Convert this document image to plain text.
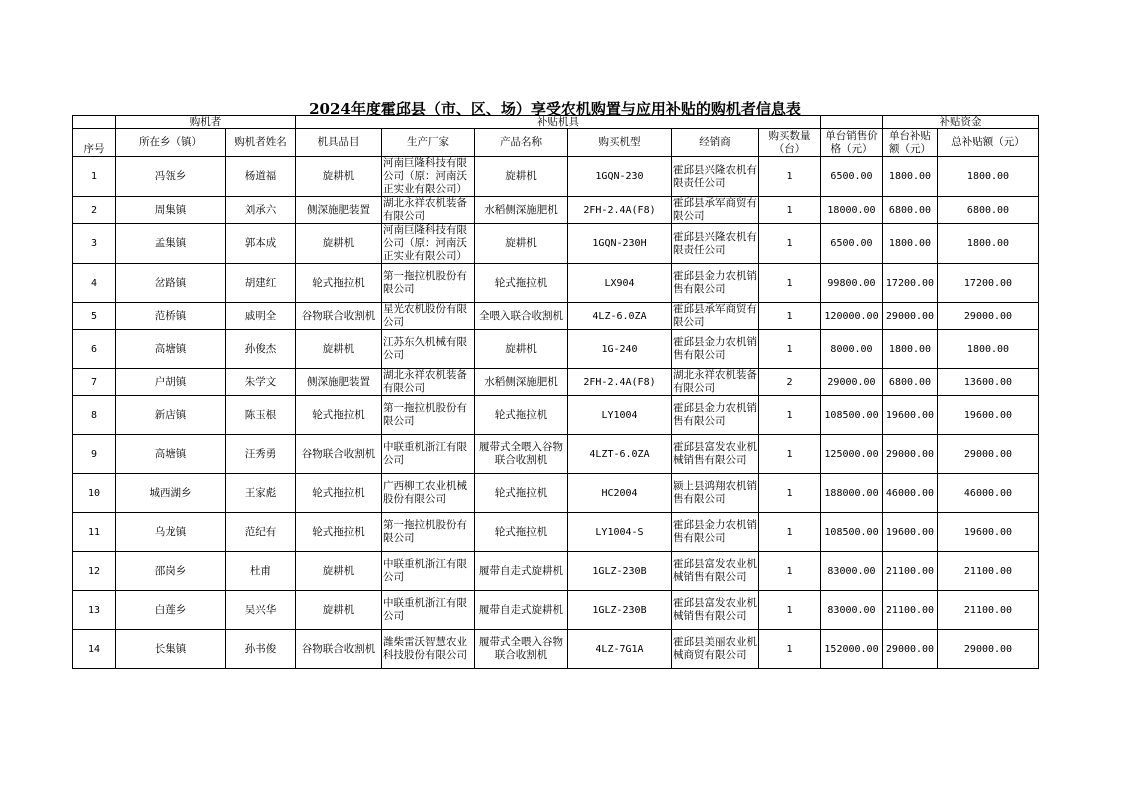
2024年度霍邱县（市、区、场）享受农机购置与应用补贴的购机者信息表
	购机者		补贴机具							补贴资金	
序号	所在乡（镇）	购机者姓名	机具品目	生产厂家	产品名称	购买机型	经销商	购买数量（台）	单台销售价格（元）	单台补贴额（元）	总补贴额（元）
1	冯瓴乡	杨道福	旋耕机	河南巨隆科技有限公司（原：河南沃正实业有限公司）	旋耕机	1GQN-230	霍邱县兴隆农机有限责任公司	1	6500.00	1800.00	1800.00
2	周集镇	刘承六	侧深施肥装置	湖北永祥农机装备有限公司	水稻侧深施肥机	2FH-2.4A(F8)	霍邱县承军商贸有限公司	1	18000.00	6800.00	6800.00
3	孟集镇	郭本成	旋耕机	河南巨隆科技有限公司（原：河南沃正实业有限公司）	旋耕机	1GQN-230H	霍邱县兴隆农机有限责任公司	1	6500.00	1800.00	1800.00
4	岔路镇	胡建红	轮式拖拉机	第一拖拉机股份有限公司	轮式拖拉机	LX904	霍邱县金力农机销售有限公司	1	99800.00	17200.00	17200.00
5	范桥镇	戚明全	谷物联合收割机	星光农机股份有限公司	全喂入联合收割机	4LZ-6.0ZA	霍邱县承军商贸有限公司	1	120000.00	29000.00	29000.00
6	高塘镇	孙俊杰	旋耕机	江苏东久机械有限公司	旋耕机	1G-240	霍邱县金力农机销售有限公司	1	8000.00	1800.00	1800.00
7	户胡镇	朱学文	侧深施肥装置	湖北永祥农机装备有限公司	水稻侧深施肥机	2FH-2.4A(F8)	湖北永祥农机装备有限公司	2	29000.00	6800.00	13600.00
8	新店镇	陈玉根	轮式拖拉机	第一拖拉机股份有限公司	轮式拖拉机	LY1004	霍邱县金力农机销售有限公司	1	108500.00	19600.00	19600.00
9	高塘镇	汪秀勇	谷物联合收割机	中联重机浙江有限公司	履带式全喂入谷物联合收割机	4LZT-6.0ZA	霍邱县富发农业机械销售有限公司	1	125000.00	29000.00	29000.00
10	城西湖乡	王家彪	轮式拖拉机	广西柳工农业机械股份有限公司	轮式拖拉机	HC2004	颍上县鸿翔农机销售有限公司	1	188000.00	46000.00	46000.00
11	乌龙镇	范纪有	轮式拖拉机	第一拖拉机股份有限公司	轮式拖拉机	LY1004-S	霍邱县金力农机销售有限公司	1	108500.00	19600.00	19600.00
12	邵岗乡	杜甫	旋耕机	中联重机浙江有限公司	履带自走式旋耕机	1GLZ-230B	霍邱县富发农业机械销售有限公司	1	83000.00	21100.00	21100.00
13	白莲乡	吴兴华	旋耕机	中联重机浙江有限公司	履带自走式旋耕机	1GLZ-230B	霍邱县富发农业机械销售有限公司	1	83000.00	21100.00	21100.00
14	长集镇	孙书俊	谷物联合收割机	潍柴雷沃智慧农业科技股份有限公司	履带式全喂入谷物联合收割机	4LZ-7G1A	霍邱县美丽农业机械商贸有限公司	1	152000.00	29000.00	29000.00
